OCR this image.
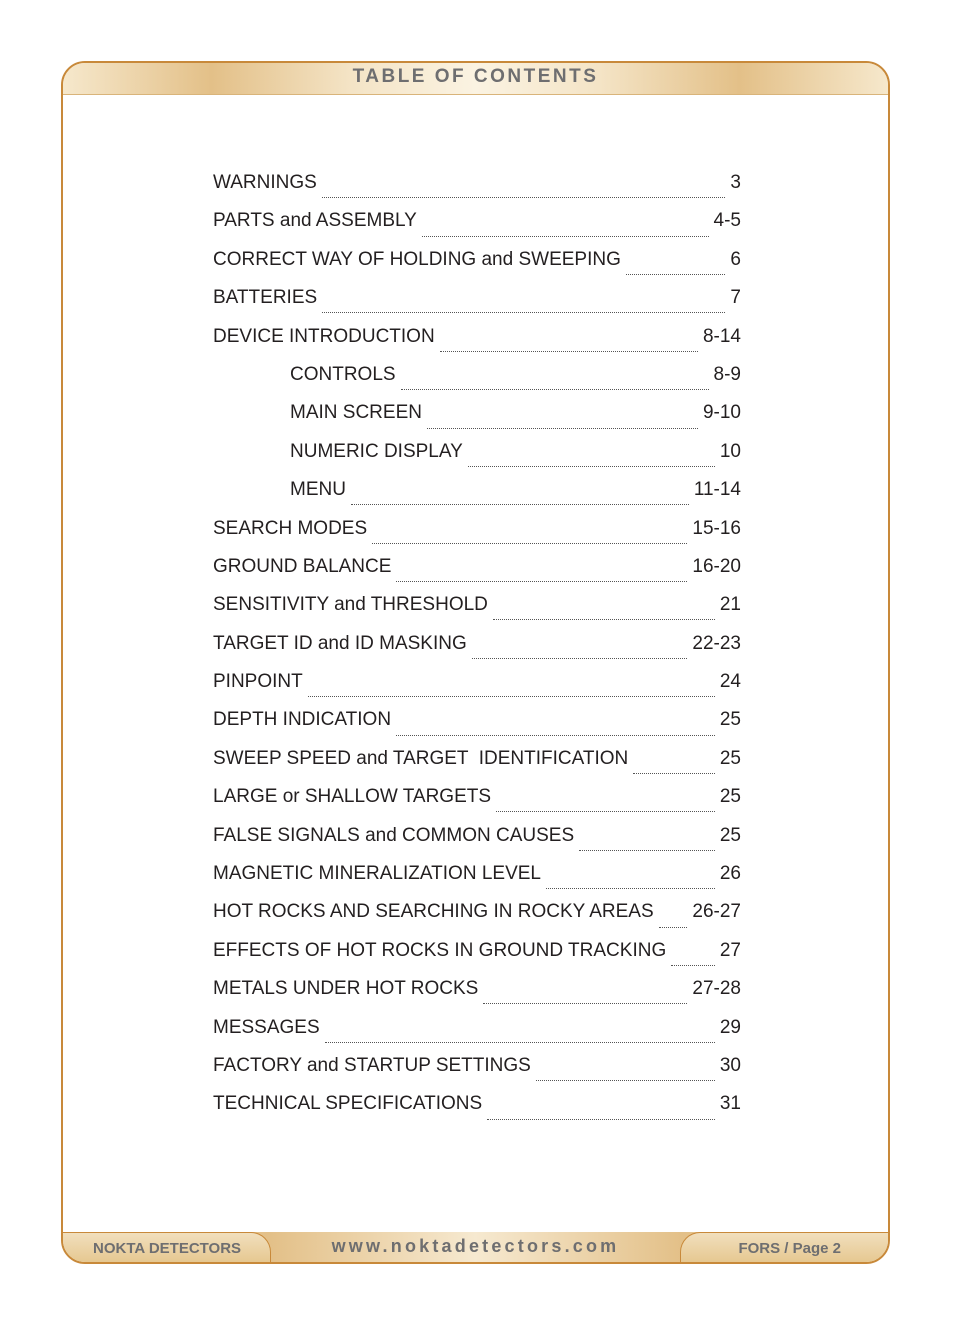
TABLE OF CONTENTS
NOKTA DETECTORS	www.noktadetectors.com	FORS / Page 2
WARNINGS	3
PARTS and ASSEMBLY	4-5
CORRECT WAY OF HOLDING and SWEEPING	6
BATTERIES	7
DEVICE INTRODUCTION	8-14
CONTROLS	8-9
MAIN SCREEN	9-10
NUMERIC DISPLAY	10
MENU	11-14
SEARCH MODES	15-16
GROUND BALANCE	16-20
SENSITIVITY and THRESHOLD	21
TARGET ID and ID MASKING	22-23
PINPOINT	24
DEPTH INDICATION	25
SWEEP SPEED and TARGET  IDENTIFICATION	25
LARGE or SHALLOW TARGETS	25
FALSE SIGNALS and COMMON CAUSES	25
MAGNETIC MINERALIZATION LEVEL	26
HOT ROCKS AND SEARCHING IN ROCKY AREAS 26-27
EFFECTS OF HOT ROCKS IN GROUND TRACKING	27
METALS UNDER HOT ROCKS	27-28
MESSAGES	29
FACTORY and STARTUP SETTINGS	30
TECHNICAL SPECIFICATIONS	31
